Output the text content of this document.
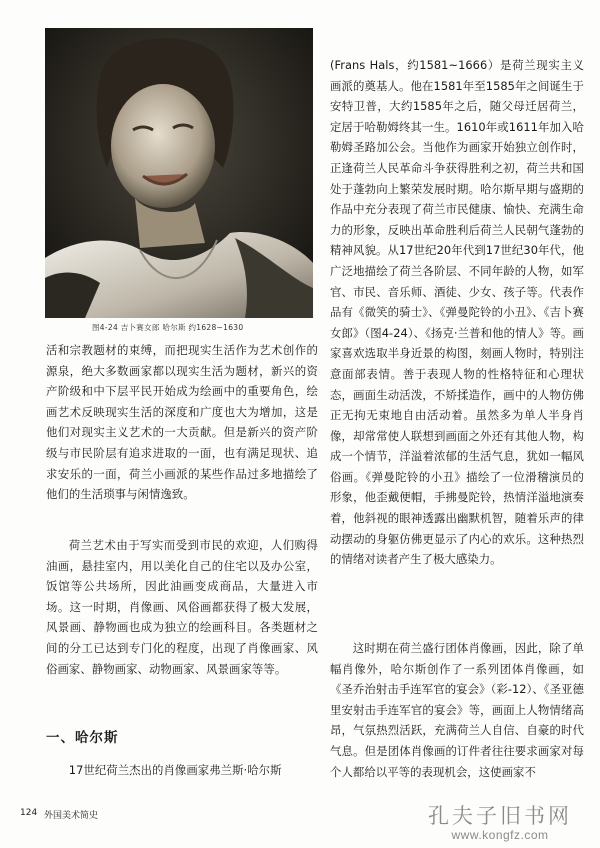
图4-24 吉卜赛女郎 哈尔斯 约1628~1630

活和宗教题材的束缚，而把现实生活作为艺术创作的源泉，绝大多数画家都以现实生活为题材，新兴的资产阶级和中下层平民开始成为绘画中的重要角色，绘画艺术反映现实生活的深度和广度也大为增加，这是他们对现实主义艺术的一大贡献。但是新兴的资产阶级与市民阶层有追求进取的一面，也有满足现状、追求安乐的一面，荷兰小画派的某些作品过多地描绘了他们的生活琐事与闲情逸致。

荷兰艺术由于写实而受到市民的欢迎，人们购得油画，悬挂室内，用以美化自己的住宅以及办公室，饭馆等公共场所，因此油画变成商品，大量进入市场。这一时期，肖像画、风俗画都获得了极大发展，风景画、静物画也成为独立的绘画科目。各类题材之间的分工已达到专门化的程度，出现了肖像画家、风俗画家、静物画家、动物画家、风景画家等等。

一、哈尔斯

17世纪荷兰杰出的肖像画家弗兰斯·哈尔斯

(Frans Hals，约1581~1666）是荷兰现实主义画派的奠基人。他在1581年至1585年之间诞生于安特卫普，大约1585年之后，随父母迁居荷兰，定居于哈勒姆终其一生。1610年或1611年加入哈勒姆圣路加公会。当他作为画家开始独立创作时，正逢荷兰人民革命斗争获得胜利之初，荷兰共和国处于蓬勃向上繁荣发展时期。哈尔斯早期与盛期的作品中充分表现了荷兰市民健康、愉快、充满生命力的形象，反映出革命胜利后荷兰人民朝气蓬勃的精神风貌。从17世纪20年代到17世纪30年代，他广泛地描绘了荷兰各阶层、不同年龄的人物，如军官、市民、音乐师、酒徒、少女、孩子等。代表作品有《微笑的骑士》、《弹曼陀铃的小丑》、《吉卜赛女郎》（图4-24）、《扬克·兰普和他的情人》等。画家喜欢选取半身近景的构图，刻画人物时，特别注意面部表情。善于表现人物的性格特征和心理状态，画面生动活泼，不矫揉造作，画中的人物仿佛正无拘无束地自由活动着。虽然多为单人半身肖像，却常常使人联想到画面之外还有其他人物，构成一个情节，洋溢着浓郁的生活气息，犹如一幅风俗画。《弹曼陀铃的小丑》描绘了一位滑稽演员的形象，他歪戴便帽，手拂曼陀铃，热情洋溢地演奏着，他斜视的眼神透露出幽默机智，随着乐声的律动摆动的身躯仿佛更显示了内心的欢乐。这种热烈的情绪对读者产生了极大感染力。

这时期在荷兰盛行团体肖像画，因此，除了单幅肖像外，哈尔斯创作了一系列团体肖像画，如《圣乔治射击手连军官的宴会》（彩-12）、《圣亚德里安射击手连军官的宴会》等，画面上人物情绪高昂，气氛热烈活跃，充满荷兰人自信、自豪的时代气息。但是团体肖像画的订件者往往要求画家对每个人都给以平等的表现机会，这使画家不

124 外国美术简史	孔夫子旧书网
www.kongfz.com
